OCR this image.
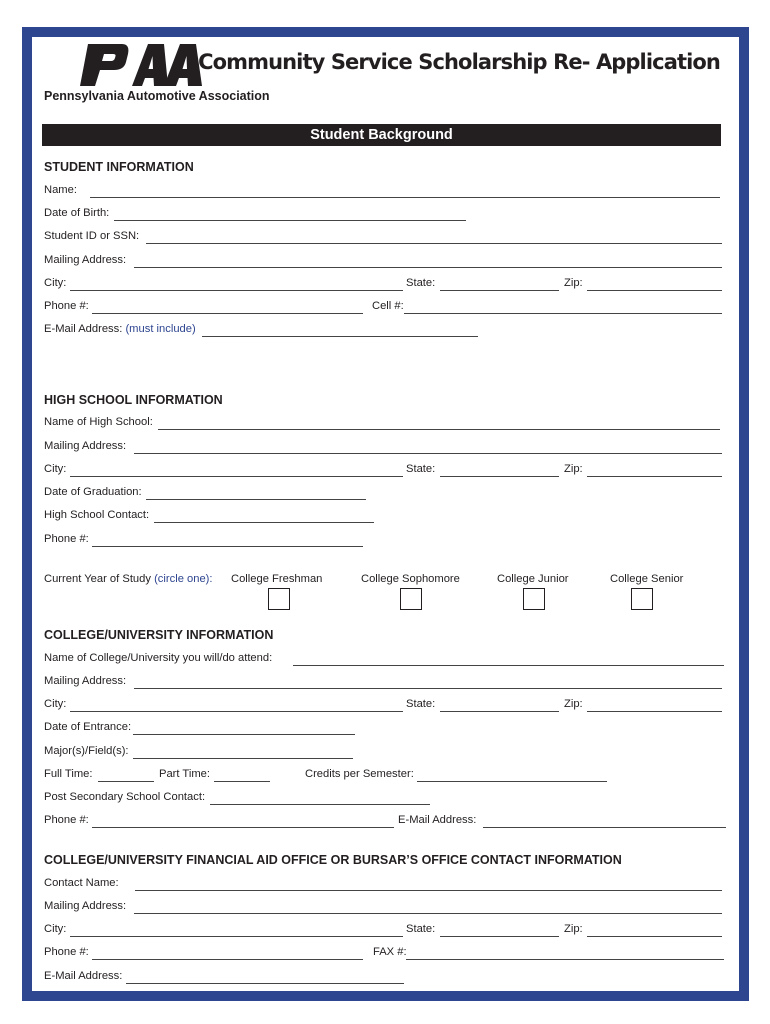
Pennsylvania Automotive Association
Community Service Scholarship Re- Application
Student Background
STUDENT INFORMATION
Name:
Date of Birth:
Student ID or SSN:
Mailing Address:
City:	State:	Zip:
Phone #:	Cell #:
E-Mail Address: (must include)
HIGH SCHOOL INFORMATION
Name of High School:
Mailing Address:
City:	State:	Zip:
Date of Graduation:
High School Contact:
Phone #:
Current Year of Study (circle one): College Freshman	College Sophomore	College Junior	College Senior
COLLEGE/UNIVERSITY INFORMATION
Name of College/University you will/do attend:
Mailing Address:
City:	State:	Zip:
Date of Entrance:
Major(s)/Field(s):
Full Time:	Part Time:	Credits per Semester:
Post Secondary School Contact:
Phone #:	E-Mail Address:
COLLEGE/UNIVERSITY FINANCIAL AID OFFICE OR BURSAR’S OFFICE CONTACT INFORMATION
Contact Name:
Mailing Address:
City:	State:	Zip:
Phone #:	FAX #:
E-Mail Address:
